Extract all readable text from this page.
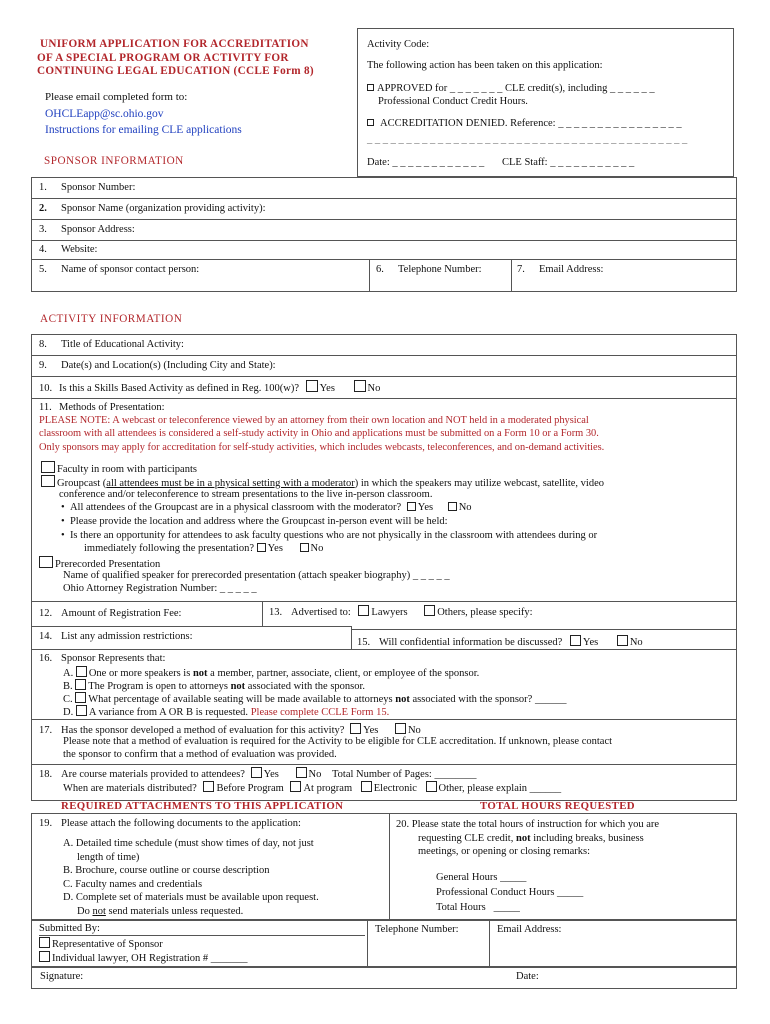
UNIFORM APPLICATION FOR ACCREDITATION
OF A SPECIAL PROGRAM OR ACTIVITY FOR
CONTINUING LEGAL EDUCATION (CCLE Form 8)
Please email completed form to:
OHCLEapp@sc.ohio.gov
Instructions for emailing CLE applications
SPONSOR INFORMATION
Activity Code:
The following action has been taken on this application:
APPROVED for _ _ _ _ _ _ _ CLE credit(s), including _ _ _ _ _ _
Professional Conduct Credit Hours.
ACCREDITATION DENIED. Reference: _ _ _ _ _ _ _ _ _ _ _ _ _ _ _ _
_ _ _ _ _ _ _ _ _ _ _ _ _ _ _ _ _ _ _ _ _ _ _ _ _ _ _ _ _ _ _ _ _ _ _ _ _ _ _ _ _
Date: _ _ _ _ _ _ _ _ _ _ _ _ CLE Staff: _ _ _ _ _ _ _ _ _ _ _
1. Sponsor Number:
2. Sponsor Name (organization providing activity):
3. Sponsor Address:
4. Website:
5. Name of sponsor contact person:	6. Telephone Number:	7. Email Address:
ACTIVITY INFORMATION
8. Title of Educational Activity:
9. Date(s) and Location(s) (Including City and State):
10. Is this a Skills Based Activity as defined in Reg. 100(w)? Yes	No
11. Methods of Presentation:
PLEASE NOTE: A webcast or teleconference viewed by an attorney from their own location and NOT held in a moderated physical
classroom with all attendees is considered a self-study activity in Ohio and applications must be submitted on a Form 10 or a Form 30.
Only sponsors may apply for accreditation for self-study activities, which includes webcasts, teleconferences, and on-demand activities.
Faculty in room with participants
Groupcast (all attendees must be in a physical setting with a moderator) in which the speakers may utilize webcast, satellite, video
conference and/or teleconference to stream presentations to the live in-person classroom.
• All attendees of the Groupcast are in a physical classroom with the moderator? Yes No
• Please provide the location and address where the Groupcast in-person event will be held:
• Is there an opportunity for attendees to ask faculty questions who are not physically in the classroom with attendees during or
immediately following the presentation? Yes	No
Prerecorded Presentation
Name of qualified speaker for prerecorded presentation (attach speaker biography) _ _ _ _ _
Ohio Attorney Registration Number: _ _ _ _ _
12. Amount of Registration Fee:	13. Advertised to: Lawyers	Others, please specify:
14. List any admission restrictions:
15. Will confidential information be discussed? Yes	No
16. Sponsor Represents that:
A. One or more speakers is not a member, partner, associate, client, or employee of the sponsor.
B. The Program is open to attorneys not associated with the sponsor.
C. What percentage of available seating will be made available to attorneys not associated with the sponsor? ______
D. A variance from A OR B is requested. Please complete CCLE Form 15.
17. Has the sponsor developed a method of evaluation for this activity? Yes	No
Please note that a method of evaluation is required for the Activity to be eligible for CLE accreditation. If unknown, please contact
the sponsor to confirm that a method of evaluation was provided.
18. Are course materials provided to attendees? Yes	No Total Number of Pages: ________
When are materials distributed? Before Program At program Electronic Other, please explain ______
REQUIRED ATTACHMENTS TO THIS APPLICATION	TOTAL HOURS REQUESTED
19. Please attach the following documents to the application:
A. Detailed time schedule (must show times of day, not just
length of time)
B. Brochure, course outline or course description
C. Faculty names and credentials
D. Complete set of materials must be available upon request.
Do not send materials unless requested.
20. Please state the total hours of instruction for which you are
requesting CLE credit, not including breaks, business
meetings, or opening or closing remarks:
General Hours _____
Professional Conduct Hours _____
Total Hours   _____
Submitted By:
Representative of Sponsor
Individual lawyer, OH Registration # _______
Telephone Number:	Email Address:
Signature:	Date:
